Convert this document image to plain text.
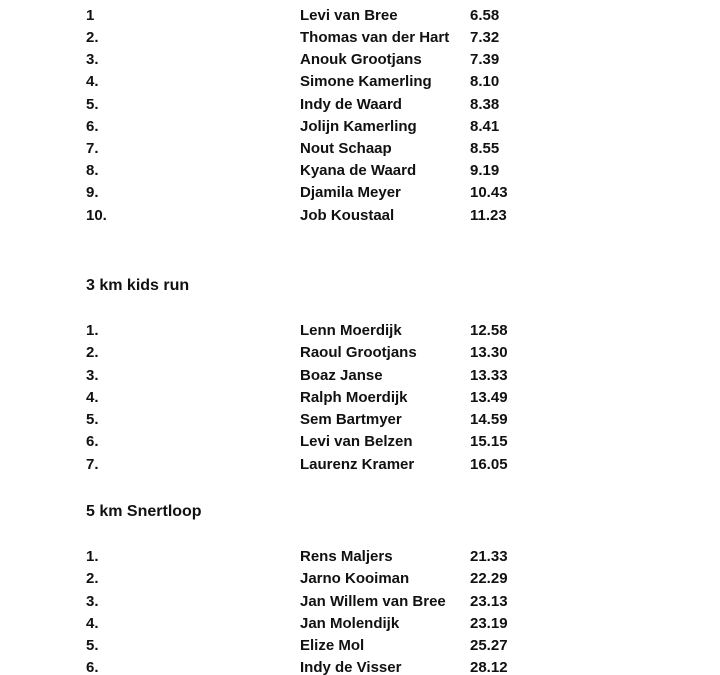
1	Levi van Bree	6.58
2.	Thomas van der Hart 7.32
3.	Anouk Grootjans	7.39
4.	Simone Kamerling	8.10
5.	Indy de Waard	8.38
6.	Jolijn Kamerling	8.41
7.	Nout Schaap	8.55
8.	Kyana de Waard	9.19
9.	Djamila Meyer	10.43
10.	Job Koustaal	11.23
3 km kids run
1.	Lenn Moerdijk	12.58
2.	Raoul Grootjans	13.30
3.	Boaz Janse	13.33
4.	Ralph Moerdijk	13.49
5.	Sem Bartmyer	14.59
6.	Levi van Belzen	15.15
7.	Laurenz Kramer	16.05
5 km Snertloop
1.	Rens Maljers	21.33
2.	Jarno Kooiman	22.29
3.	Jan Willem van Bree 23.13
4.	Jan Molendijk	23.19
5.	Elize Mol	25.27
6.	Indy de Visser	28.12
